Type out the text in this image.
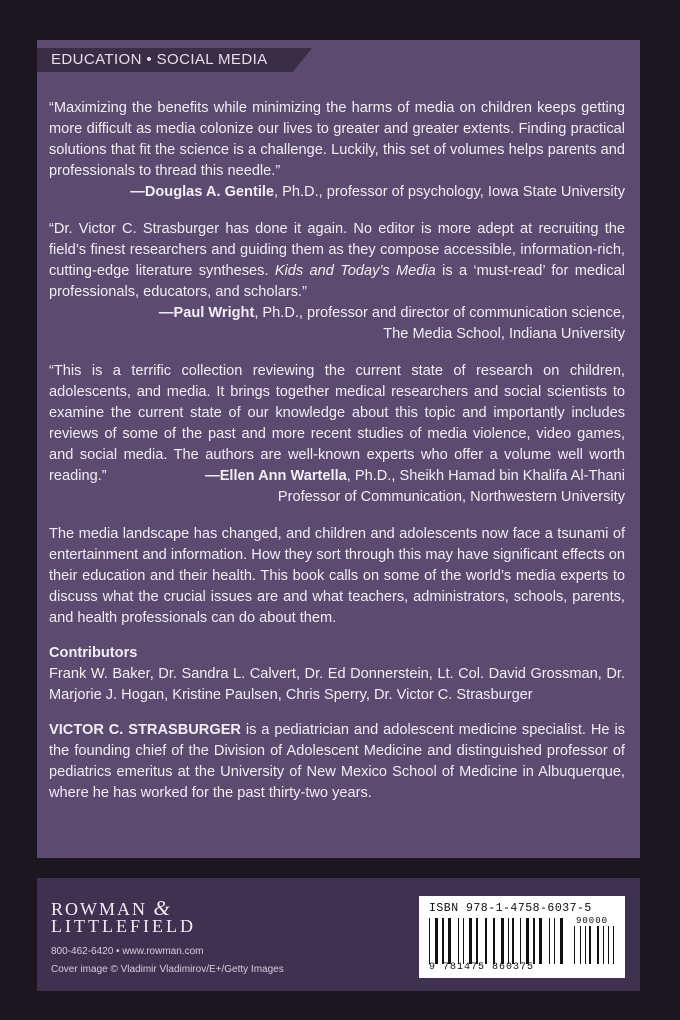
EDUCATION • SOCIAL MEDIA
“Maximizing the benefits while minimizing the harms of media on children keeps getting more difficult as media colonize our lives to greater and greater extents. Finding practical solutions that fit the science is a challenge. Luckily, this set of volumes helps parents and professionals to thread this needle.”
—Douglas A. Gentile, Ph.D., professor of psychology, Iowa State University
“Dr. Victor C. Strasburger has done it again. No editor is more adept at recruiting the field’s finest researchers and guiding them as they compose accessible, information-rich, cutting-edge literature syntheses. Kids and Today’s Media is a ‘must-read’ for medical professionals, educators, and scholars.”
—Paul Wright, Ph.D., professor and director of communication science,
The Media School, Indiana University
“This is a terrific collection reviewing the current state of research on children, adolescents, and media. It brings together medical researchers and social scientists to examine the current state of our knowledge about this topic and importantly includes reviews of some of the past and more recent studies of media violence, video games, and social media. The authors are well-known experts who offer a volume well worth reading.”	—Ellen Ann Wartella, Ph.D., Sheikh Hamad bin Khalifa Al-Thani
Professor of Communication, Northwestern University
The media landscape has changed, and children and adolescents now face a tsunami of entertainment and information. How they sort through this may have significant effects on their education and their health. This book calls on some of the world’s media experts to discuss what the crucial issues are and what teachers, administrators, schools, parents, and health professionals can do about them.
Contributors
Frank W. Baker, Dr. Sandra L. Calvert, Dr. Ed Donnerstein, Lt. Col. David Grossman, Dr. Marjorie J. Hogan, Kristine Paulsen, Chris Sperry, Dr. Victor C. Strasburger
VICTOR C. STRASBURGER is a pediatrician and adolescent medicine specialist. He is the founding chief of the Division of Adolescent Medicine and distinguished professor of pediatrics emeritus at the University of New Mexico School of Medicine in Albuquerque, where he has worked for the past thirty-two years.
ROWMAN &
LITTLEFIELD
800-462-6420 • www.rowman.com
Cover image © Vladimir Vladimirov/E+/Getty Images
ISBN 978-1-4758-6037-5
90000
9 781475 860375
